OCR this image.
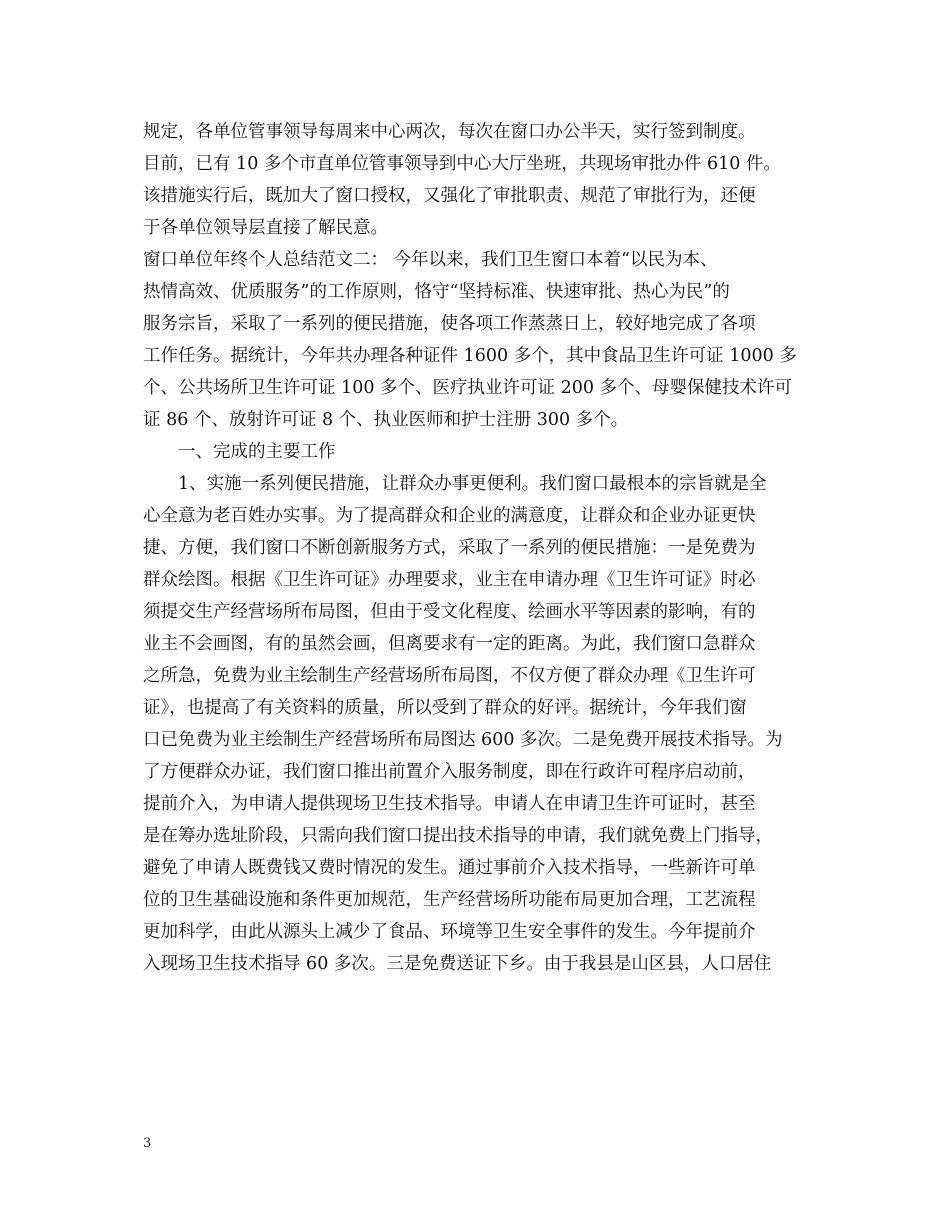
规定，各单位管事领导每周来中心两次，每次在窗口办公半天，实行签到制度。
目前，已有 10 多个市直单位管事领导到中心大厅坐班，共现场审批办件 610 件。
该措施实行后，既加大了窗口授权，又强化了审批职责、规范了审批行为，还便
于各单位领导层直接了解民意。
窗口单位年终个人总结范文二： 今年以来，我们卫生窗口本着“以民为本、
热情高效、优质服务”的工作原则，恪守“坚持标准、快速审批、热心为民”的
服务宗旨，采取了一系列的便民措施，使各项工作蒸蒸日上，较好地完成了各项
工作任务。据统计，今年共办理各种证件 1600 多个，其中食品卫生许可证 1000 多
个、公共场所卫生许可证 100 多个、医疗执业许可证 200 多个、母婴保健技术许可
证 86 个、放射许可证 8 个、执业医师和护士注册 300 多个。
一、完成的主要工作
1、实施一系列便民措施，让群众办事更便利。我们窗口最根本的宗旨就是全
心全意为老百姓办实事。为了提高群众和企业的满意度，让群众和企业办证更快
捷、方便，我们窗口不断创新服务方式，采取了一系列的便民措施：一是免费为
群众绘图。根据《卫生许可证》办理要求，业主在申请办理《卫生许可证》时必
须提交生产经营场所布局图，但由于受文化程度、绘画水平等因素的影响，有的
业主不会画图，有的虽然会画，但离要求有一定的距离。为此，我们窗口急群众
之所急，免费为业主绘制生产经营场所布局图，不仅方便了群众办理《卫生许可
证》，也提高了有关资料的质量，所以受到了群众的好评。据统计，今年我们窗
口已免费为业主绘制生产经营场所布局图达 600 多次。二是免费开展技术指导。为
了方便群众办证，我们窗口推出前置介入服务制度，即在行政许可程序启动前，
提前介入，为申请人提供现场卫生技术指导。申请人在申请卫生许可证时，甚至
是在筹办选址阶段，只需向我们窗口提出技术指导的申请，我们就免费上门指导，
避免了申请人既费钱又费时情况的发生。通过事前介入技术指导，一些新许可单
位的卫生基础设施和条件更加规范，生产经营场所功能布局更加合理，工艺流程
更加科学，由此从源头上减少了食品、环境等卫生安全事件的发生。今年提前介
入现场卫生技术指导 60 多次。三是免费送证下乡。由于我县是山区县，人口居住
3
